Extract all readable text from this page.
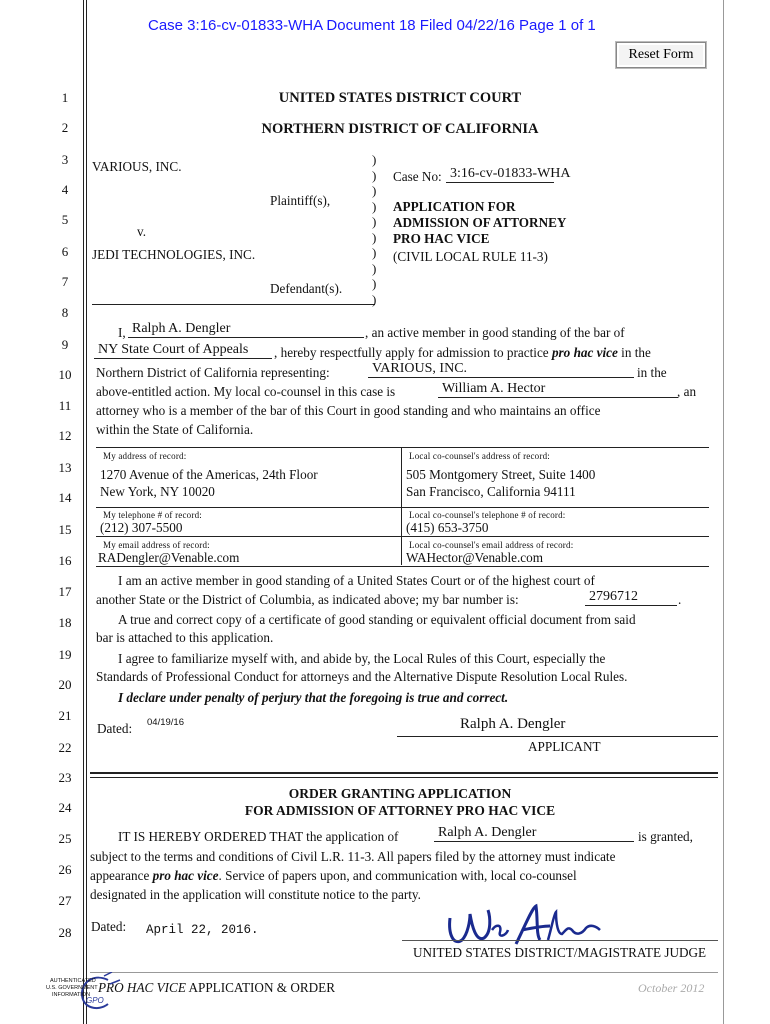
Case 3:16-cv-01833-WHA Document 18 Filed 04/22/16 Page 1 of 1
Reset Form
1
2
3
4
5
6
7
8
9
10
11
12
13
14
15
16
17
18
19
20
21
22
23
24
25
26
27
28
UNITED STATES DISTRICT COURT
NORTHERN DISTRICT OF CALIFORNIA
VARIOUS, INC.
Plaintiff(s),
v.
JEDI TECHNOLOGIES, INC.
Defendant(s).
)
)
)
)
)
)
)
)
)
)
Case No: 3:16-cv-01833-WHA
APPLICATION FOR
ADMISSION OF ATTORNEY
PRO HAC VICE
(CIVIL LOCAL RULE 11-3)
I, Ralph A. Dengler	, an active member in good standing of the bar of
NY State Court of Appeals	, hereby respectfully apply for admission to practice pro hac vice in the
Northern District of California representing:	VARIOUS, INC.	in the
above-entitled action. My local co-counsel in this case is	William A. Hector	, an
attorney who is a member of the bar of this Court in good standing and who maintains an office
within the State of California.
My address of record:
1270 Avenue of the Americas, 24th Floor
New York, NY 10020
Local co-counsel's address of record:
505 Montgomery Street, Suite 1400
San Francisco, California 94111
My telephone # of record:
(212) 307-5500
Local co-counsel's telephone # of record:
(415) 653-3750
My email address of record:
RADengler@Venable.com
Local co-counsel's email address of record:
WAHector@Venable.com
I am an active member in good standing of a United States Court or of the highest court of
another State or the District of Columbia, as indicated above; my bar number is:	2796712	.
A true and correct copy of a certificate of good standing or equivalent official document from said
bar is attached to this application.
I agree to familiarize myself with, and abide by, the Local Rules of this Court, especially the
Standards of Professional Conduct for attorneys and the Alternative Dispute Resolution Local Rules.
I declare under penalty of perjury that the foregoing is true and correct.
Dated: 04/19/16	Ralph A. Dengler
APPLICANT
ORDER GRANTING APPLICATION
FOR ADMISSION OF ATTORNEY PRO HAC VICE
IT IS HEREBY ORDERED THAT the application of	Ralph A. Dengler	is granted,
subject to the terms and conditions of Civil L.R. 11-3. All papers filed by the attorney must indicate
appearance pro hac vice. Service of papers upon, and communication with, local co-counsel
designated in the application will constitute notice to the party.
Dated: April 22, 2016.
UNITED STATES DISTRICT/MAGISTRATE JUDGE
PRO HAC VICE APPLICATION & ORDER	October 2012
AUTHENTICATED
U.S. GOVERNMENT
INFORMATION
GPO
